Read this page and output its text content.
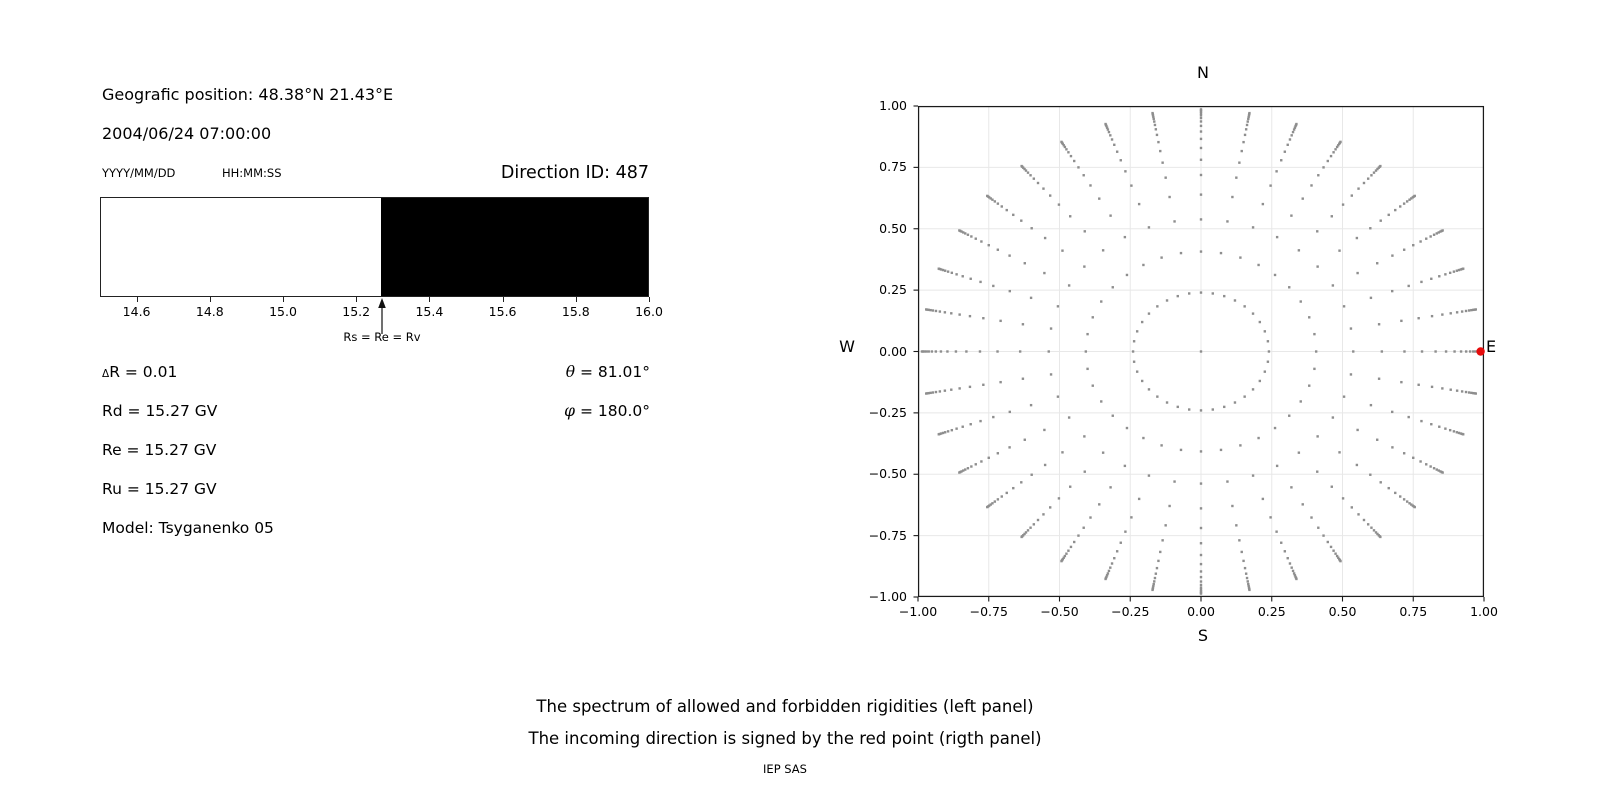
Geografic position: 48.38°N 21.43°E
2004/06/24 07:00:00
YYYY/MM/DD	HH:MM:SS	Direction ID: 487
14.6	14.8	15.0	15.2	15.4	15.6	15.8	16.0
Rs = Re = Rv
ΔR = 0.01
Rd = 15.27 GV
Re = 15.27 GV
Ru = 15.27 GV
Model: Tsyganenko 05
θ = 81.01°
φ = 180.0°
N
S
W	E
1.00
0.75
0.50
0.25
0.00
−0.25
−0.50
−0.75
−1.00
−1.00	−0.75	−0.50	−0.25	0.00	0.25	0.50	0.75	1.00
The spectrum of allowed and forbidden rigidities (left panel)
The incoming direction is signed by the red point (rigth panel)
IEP SAS
